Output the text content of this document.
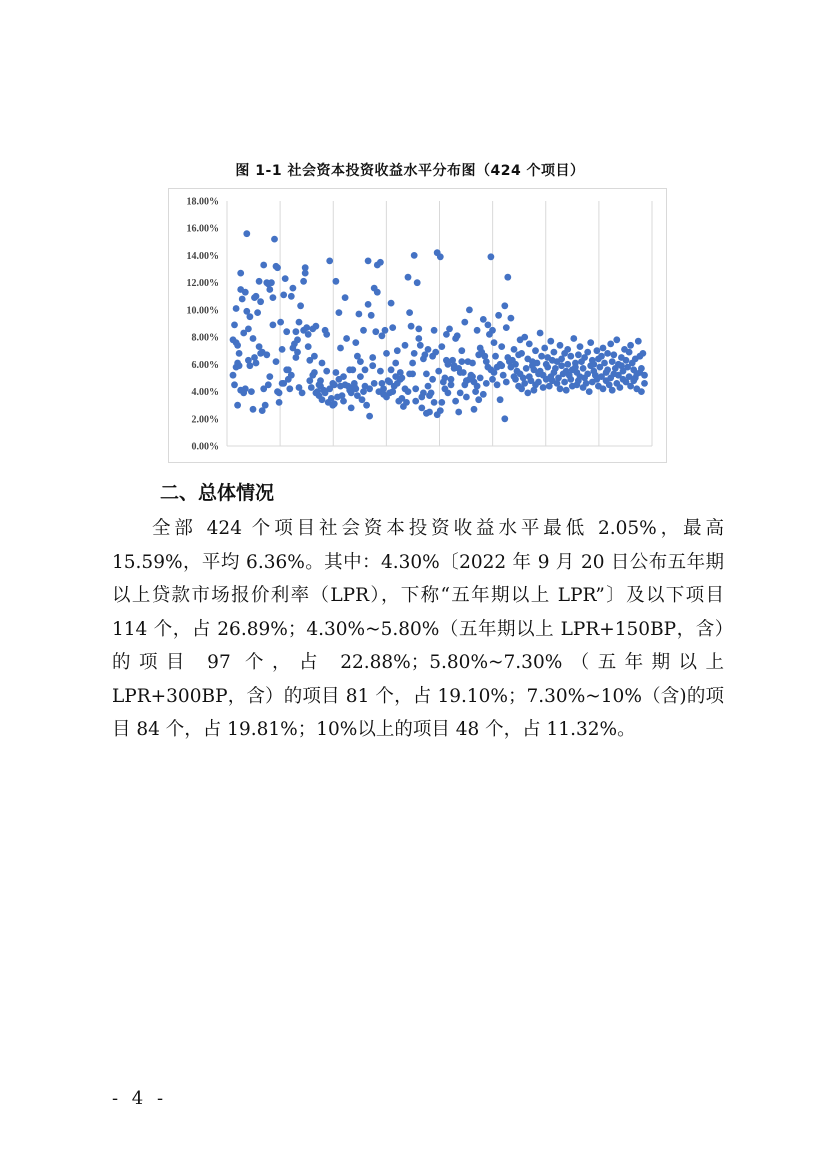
图 1-1 社会资本投资收益水平分布图（424 个项目）
0.00%
2.00%
4.00%
6.00%
8.00%
10.00%
12.00%
14.00%
16.00%
18.00%
二、总体情况
全部 424 个项目社会资本投资收益水平最低 2.05%，最高 15.59%，平均 6.36%。其中：4.30%〔2022 年 9 月 20 日公布五年期以上贷款市场报价利率（LPR），下称“五年期以上 LPR”〕及以下项目 114 个，占 26.89%；4.30%~5.80%（五年期以上 LPR+150BP，含）的项目 97 个，占 22.88%；5.80%~7.30%（五年期以上 LPR+300BP，含）的项目 81 个，占 19.10%；7.30%~10%（含)的项目 84 个，占 19.81%；10%以上的项目 48 个，占 11.32%。
- 4 -
